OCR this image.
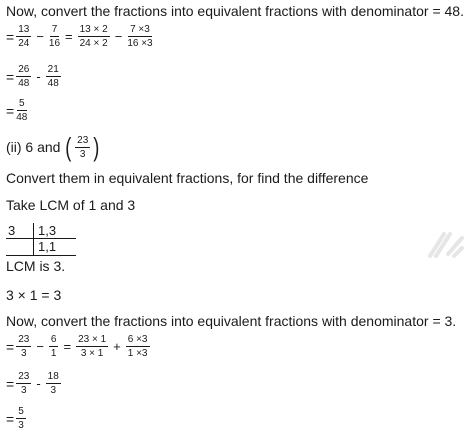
Now, convert the fractions into equivalent fractions with denominator = 48.
= $\frac{13}{24} - \frac{7}{16} = \frac{13 \times 2}{24 \times 2} - \frac{7 \times 3}{16 \times 3}$
= $\frac{26}{48} - \frac{21}{48}$
= $\frac{5}{48}$
(ii) 6 and ( $\frac{23}{3}$ )
Convert them in equivalent fractions, for find the difference
Take LCM of 1 and 3
3 1,3
1,1
LCM is 3.
3 × 1 = 3
Now, convert the fractions into equivalent fractions with denominator = 3.
= $\frac{23}{3} - \frac{6}{1} = \frac{23 \times 1}{3 \times 1} + \frac{6 \times 3}{1 \times 3}$
= $\frac{23}{3} - \frac{18}{3}$
= $\frac{5}{3}$
